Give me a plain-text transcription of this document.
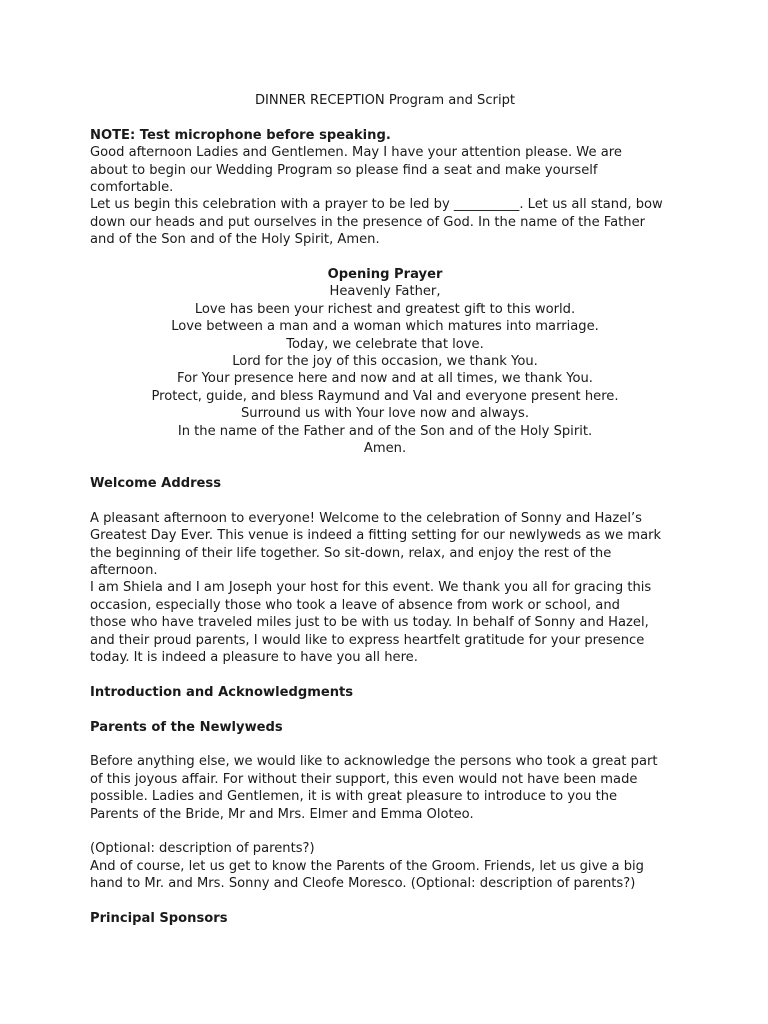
DINNER RECEPTION Program and Script

NOTE: Test microphone before speaking.

Good afternoon Ladies and Gentlemen. May I have your attention please. We are

about to begin our Wedding Program so please find a seat and make yourself

comfortable.

Let us begin this celebration with a prayer to be led by __________. Let us all stand, bow

down our heads and put ourselves in the presence of God. In the name of the Father

and of the Son and of the Holy Spirit, Amen.

Opening Prayer

Heavenly Father,

Love has been your richest and greatest gift to this world.

Love between a man and a woman which matures into marriage.

Today, we celebrate that love.

Lord for the joy of this occasion, we thank You.

For Your presence here and now and at all times, we thank You.

Protect, guide, and bless Raymund and Val and everyone present here.

Surround us with Your love now and always.

In the name of the Father and of the Son and of the Holy Spirit.

Amen.

Welcome Address

A pleasant afternoon to everyone! Welcome to the celebration of Sonny and Hazel’s

Greatest Day Ever. This venue is indeed a fitting setting for our newlyweds as we mark

the beginning of their life together. So sit-down, relax, and enjoy the rest of the

afternoon.

I am Shiela and I am Joseph your host for this event. We thank you all for gracing this

occasion, especially those who took a leave of absence from work or school, and

those who have traveled miles just to be with us today. In behalf of Sonny and Hazel,

and their proud parents, I would like to express heartfelt gratitude for your presence

today. It is indeed a pleasure to have you all here.

Introduction and Acknowledgments

Parents of the Newlyweds

Before anything else, we would like to acknowledge the persons who took a great part

of this joyous affair. For without their support, this even would not have been made

possible. Ladies and Gentlemen, it is with great pleasure to introduce to you the

Parents of the Bride, Mr and Mrs. Elmer and Emma Oloteo.

(Optional: description of parents?)

And of course, let us get to know the Parents of the Groom. Friends, let us give a big

hand to Mr. and Mrs. Sonny and Cleofe Moresco. (Optional: description of parents?)

Principal Sponsors
